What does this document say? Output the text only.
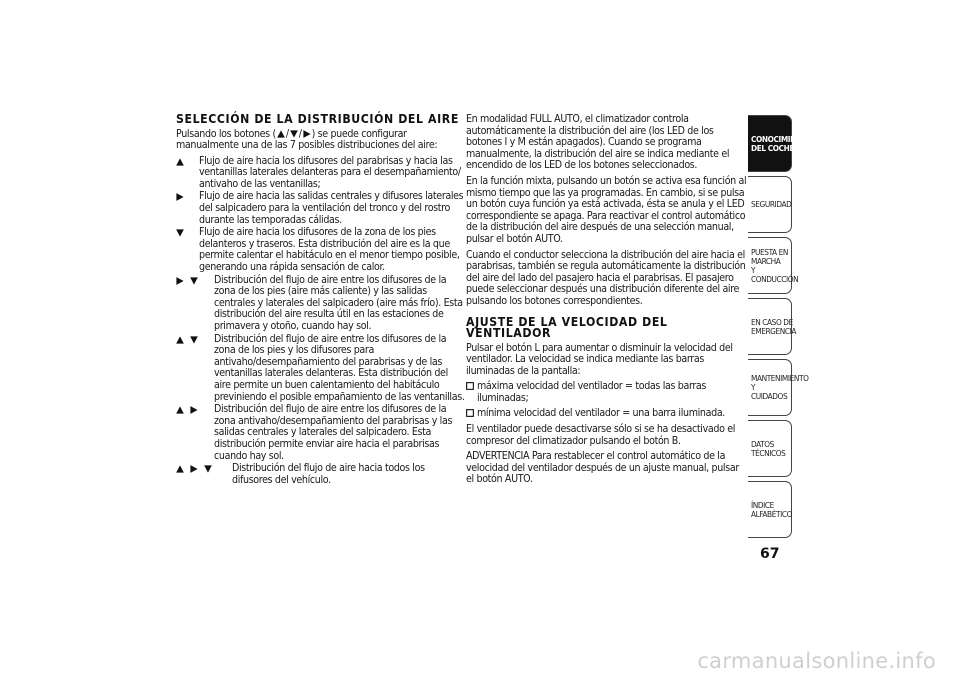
SELECCIÓN DE LA DISTRIBUCIÓN DEL AIRE

Pulsando los botones ( / / ) se puede configurar manualmente una de las 7 posibles distribuciones del aire:

Flujo de aire hacia los difusores del parabrisas y hacia las ventanillas laterales delanteras para el desempañamiento/ antivaho de las ventanillas;
Flujo de aire hacia las salidas centrales y difusores laterales del salpicadero para la ventilación del tronco y del rostro durante las temporadas cálidas.
Flujo de aire hacia los difusores de la zona de los pies delanteros y traseros. Esta distribución del aire es la que permite calentar el habitáculo en el menor tiempo posible, generando una rápida sensación de calor.
Distribución del flujo de aire entre los difusores de la zona de los pies (aire más caliente) y las salidas centrales y laterales del salpicadero (aire más frío). Esta distribución del aire resulta útil en las estaciones de primavera y otoño, cuando hay sol.
Distribución del flujo de aire entre los difusores de la zona de los pies y los difusores para antivaho/desempañamiento del parabrisas y de las ventanillas laterales delanteras. Esta distribución del aire permite un buen calentamiento del habitáculo previniendo el posible empañamiento de las ventanillas.
Distribución del flujo de aire entre los difusores de la zona antivaho/desempañamiento del parabrisas y las salidas centrales y laterales del salpicadero. Esta distribución permite enviar aire hacia el parabrisas cuando hay sol.
Distribución del flujo de aire hacia todos los difusores del vehículo.

En modalidad FULL AUTO, el climatizador controla automáticamente la distribución del aire (los LED de los botones I y M están apagados). Cuando se programa manualmente, la distribución del aire se indica mediante el encendido de los LED de los botones seleccionados.

En la función mixta, pulsando un botón se activa esa función al mismo tiempo que las ya programadas. En cambio, si se pulsa un botón cuya función ya está activada, ésta se anula y el LED correspondiente se apaga. Para reactivar el control automático de la distribución del aire después de una selección manual, pulsar el botón AUTO.

Cuando el conductor selecciona la distribución del aire hacia el parabrisas, también se regula automáticamente la distribución del aire del lado del pasajero hacia el parabrisas. El pasajero puede seleccionar después una distribución diferente del aire pulsando los botones correspondientes.

AJUSTE DE LA VELOCIDAD DEL VENTILADOR

Pulsar el botón L para aumentar o disminuir la velocidad del ventilador. La velocidad se indica mediante las barras iluminadas de la pantalla:

máxima velocidad del ventilador = todas las barras iluminadas;
mínima velocidad del ventilador = una barra iluminada.

El ventilador puede desactivarse sólo si se ha desactivado el compresor del climatizador pulsando el botón B.

ADVERTENCIA Para restablecer el control automático de la velocidad del ventilador después de un ajuste manual, pulsar el botón AUTO.

CONOCIMIENTO
DEL COCHE
SEGURIDAD
PUESTA EN MARCHA
Y CONDUCCIÓN
EN CASO DE
EMERGENCIA
MANTENIMIENTO Y
CUIDADOS
DATOS TÉCNICOS
ÍNDICE ALFABÉTICO
67
carmanualsonline.info
